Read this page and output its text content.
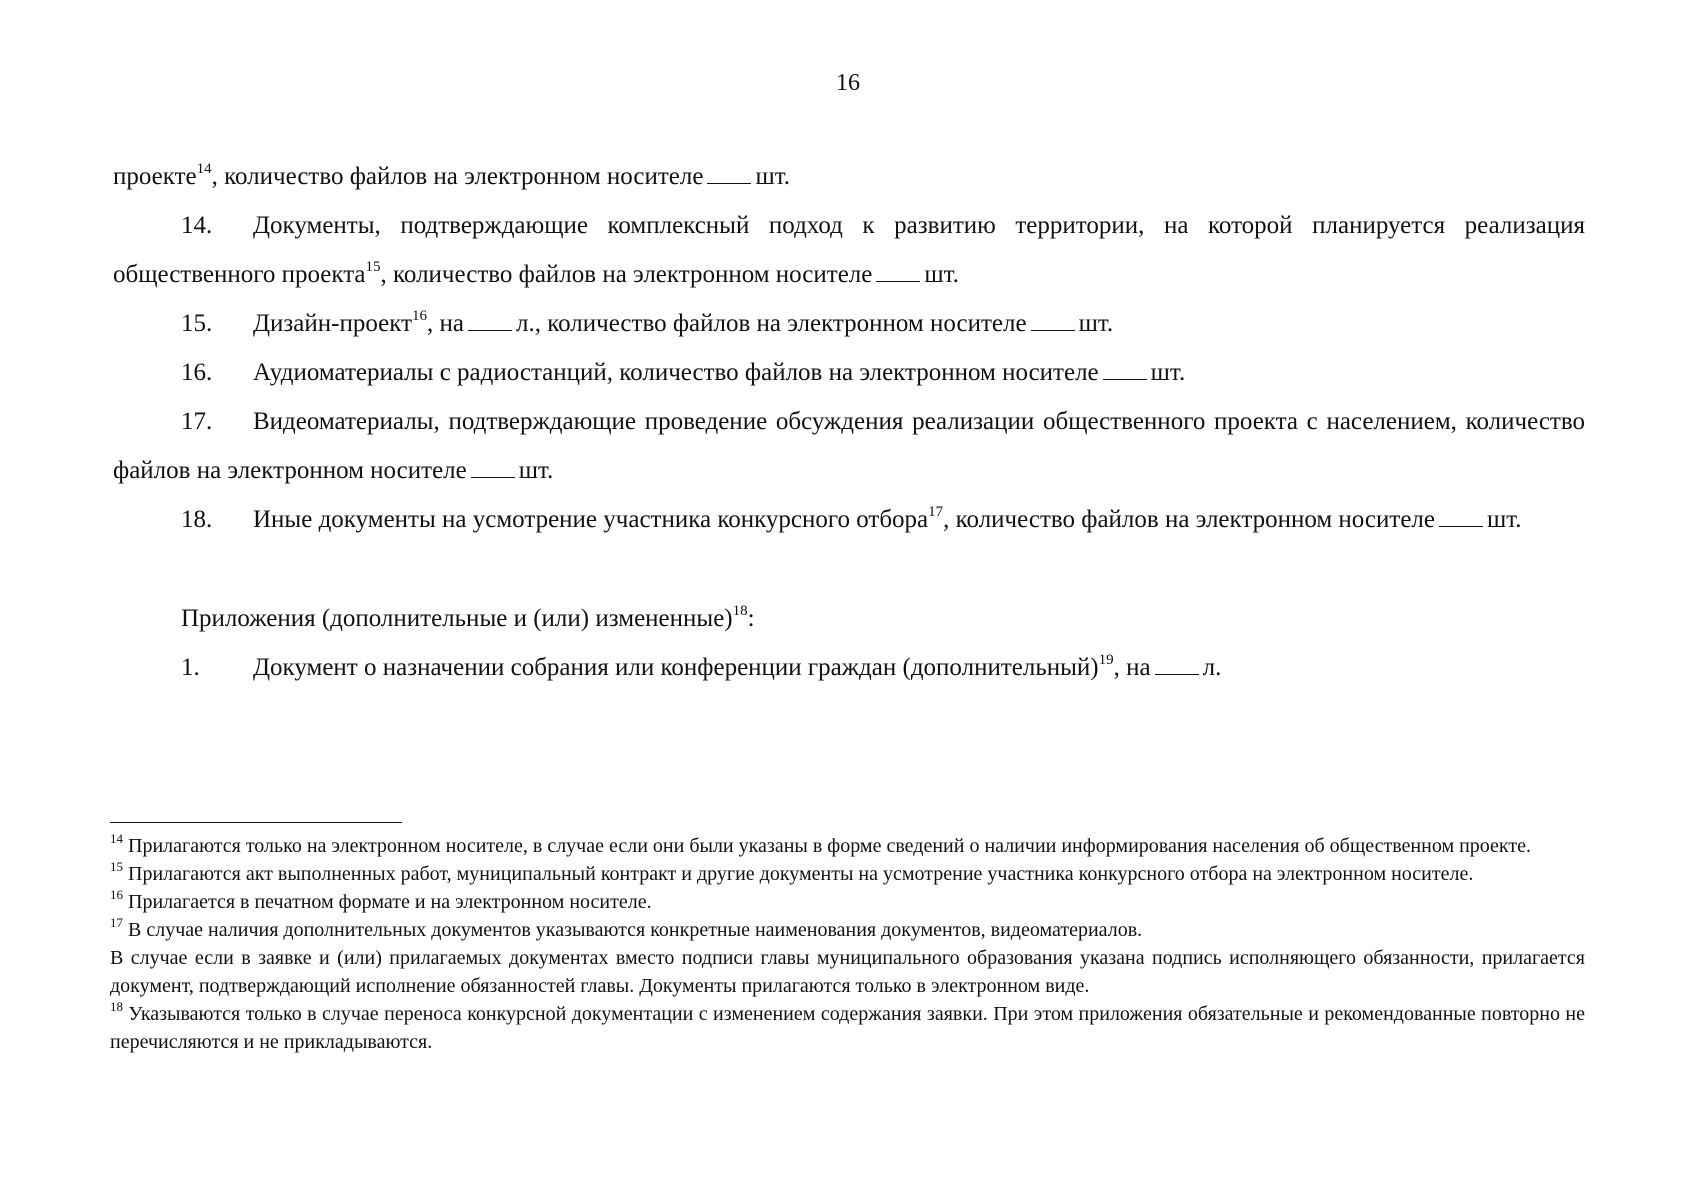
16

проекте$^{14}$, количество файлов на электронном носителе шт.

14. Документы, подтверждающие комплексный подход к развитию территории, на которой планируется реализация общественного проекта$^{15}$, количество файлов на электронном носителе шт.

15. Дизайн-проект$^{16}$, на л., количество файлов на электронном носителе шт.

16. Аудиоматериалы с радиостанций, количество файлов на электронном носителе шт.

17. Видеоматериалы, подтверждающие проведение обсуждения реализации общественного проекта с населением, количество файлов на электронном носителе шт.

18. Иные документы на усмотрение участника конкурсного отбора$^{17}$, количество файлов на электронном носителе шт.

Приложения (дополнительные и (или) измененные)$^{18}$:

1. Документ о назначении собрания или конференции граждан (дополнительный)$^{19}$, на л.

$^{14}$ Прилагаются только на электронном носителе, в случае если они были указаны в форме сведений о наличии информирования населения об общественном проекте.

$^{15}$ Прилагаются акт выполненных работ, муниципальный контракт и другие документы на усмотрение участника конкурсного отбора на электронном носителе.

$^{16}$ Прилагается в печатном формате и на электронном носителе.

$^{17}$ В случае наличия дополнительных документов указываются конкретные наименования документов, видеоматериалов.

В случае если в заявке и (или) прилагаемых документах вместо подписи главы муниципального образования указана подпись исполняющего обязанности, прилагается документ, подтверждающий исполнение обязанностей главы. Документы прилагаются только в электронном виде.

$^{18}$ Указываются только в случае переноса конкурсной документации с изменением содержания заявки. При этом приложения обязательные и рекомендованные повторно не перечисляются и не прикладываются.
